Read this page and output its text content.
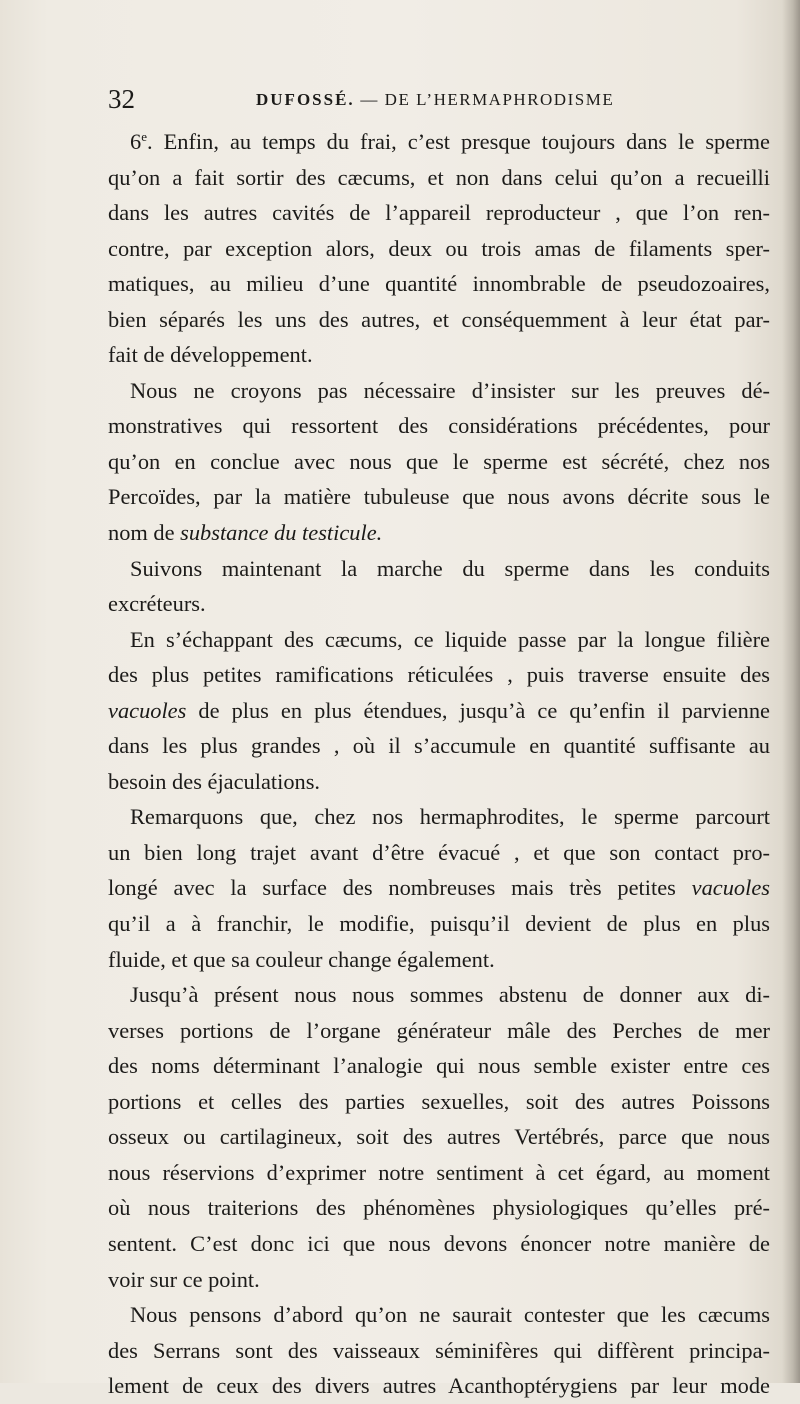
32	DUFOSSÉ. — DE L’HERMAPHRODISME
6e. Enfin, au temps du frai, c’est presque toujours dans le sperme
qu’on a fait sortir des cæcums, et non dans celui qu’on a recueilli
dans les autres cavités de l’appareil reproducteur , que l’on ren-
contre, par exception alors, deux ou trois amas de filaments sper-
matiques, au milieu d’une quantité innombrable de pseudozoaires,
bien séparés les uns des autres, et conséquemment à leur état par-
fait de développement.
Nous ne croyons pas nécessaire d’insister sur les preuves dé-
monstratives qui ressortent des considérations précédentes, pour
qu’on en conclue avec nous que le sperme est sécrété, chez nos
Percoïdes, par la matière tubuleuse que nous avons décrite sous le
nom de substance du testicule.
Suivons maintenant la marche du sperme dans les conduits
excréteurs.
En s’échappant des cæcums, ce liquide passe par la longue filière
des plus petites ramifications réticulées , puis traverse ensuite des
vacuoles de plus en plus étendues, jusqu’à ce qu’enfin il parvienne
dans les plus grandes , où il s’accumule en quantité suffisante au
besoin des éjaculations.
Remarquons que, chez nos hermaphrodites, le sperme parcourt
un bien long trajet avant d’être évacué , et que son contact pro-
longé avec la surface des nombreuses mais très petites vacuoles
qu’il a à franchir, le modifie, puisqu’il devient de plus en plus
fluide, et que sa couleur change également.
Jusqu’à présent nous nous sommes abstenu de donner aux di-
verses portions de l’organe générateur mâle des Perches de mer
des noms déterminant l’analogie qui nous semble exister entre ces
portions et celles des parties sexuelles, soit des autres Poissons
osseux ou cartilagineux, soit des autres Vertébrés, parce que nous
nous réservions d’exprimer notre sentiment à cet égard, au moment
où nous traiterions des phénomènes physiologiques qu’elles pré-
sentent. C’est donc ici que nous devons énoncer notre manière de
voir sur ce point.
Nous pensons d’abord qu’on ne saurait contester que les cæcums
des Serrans sont des vaisseaux séminifères qui diffèrent principa-
lement de ceux des divers autres Acanthoptérygiens par leur mode
